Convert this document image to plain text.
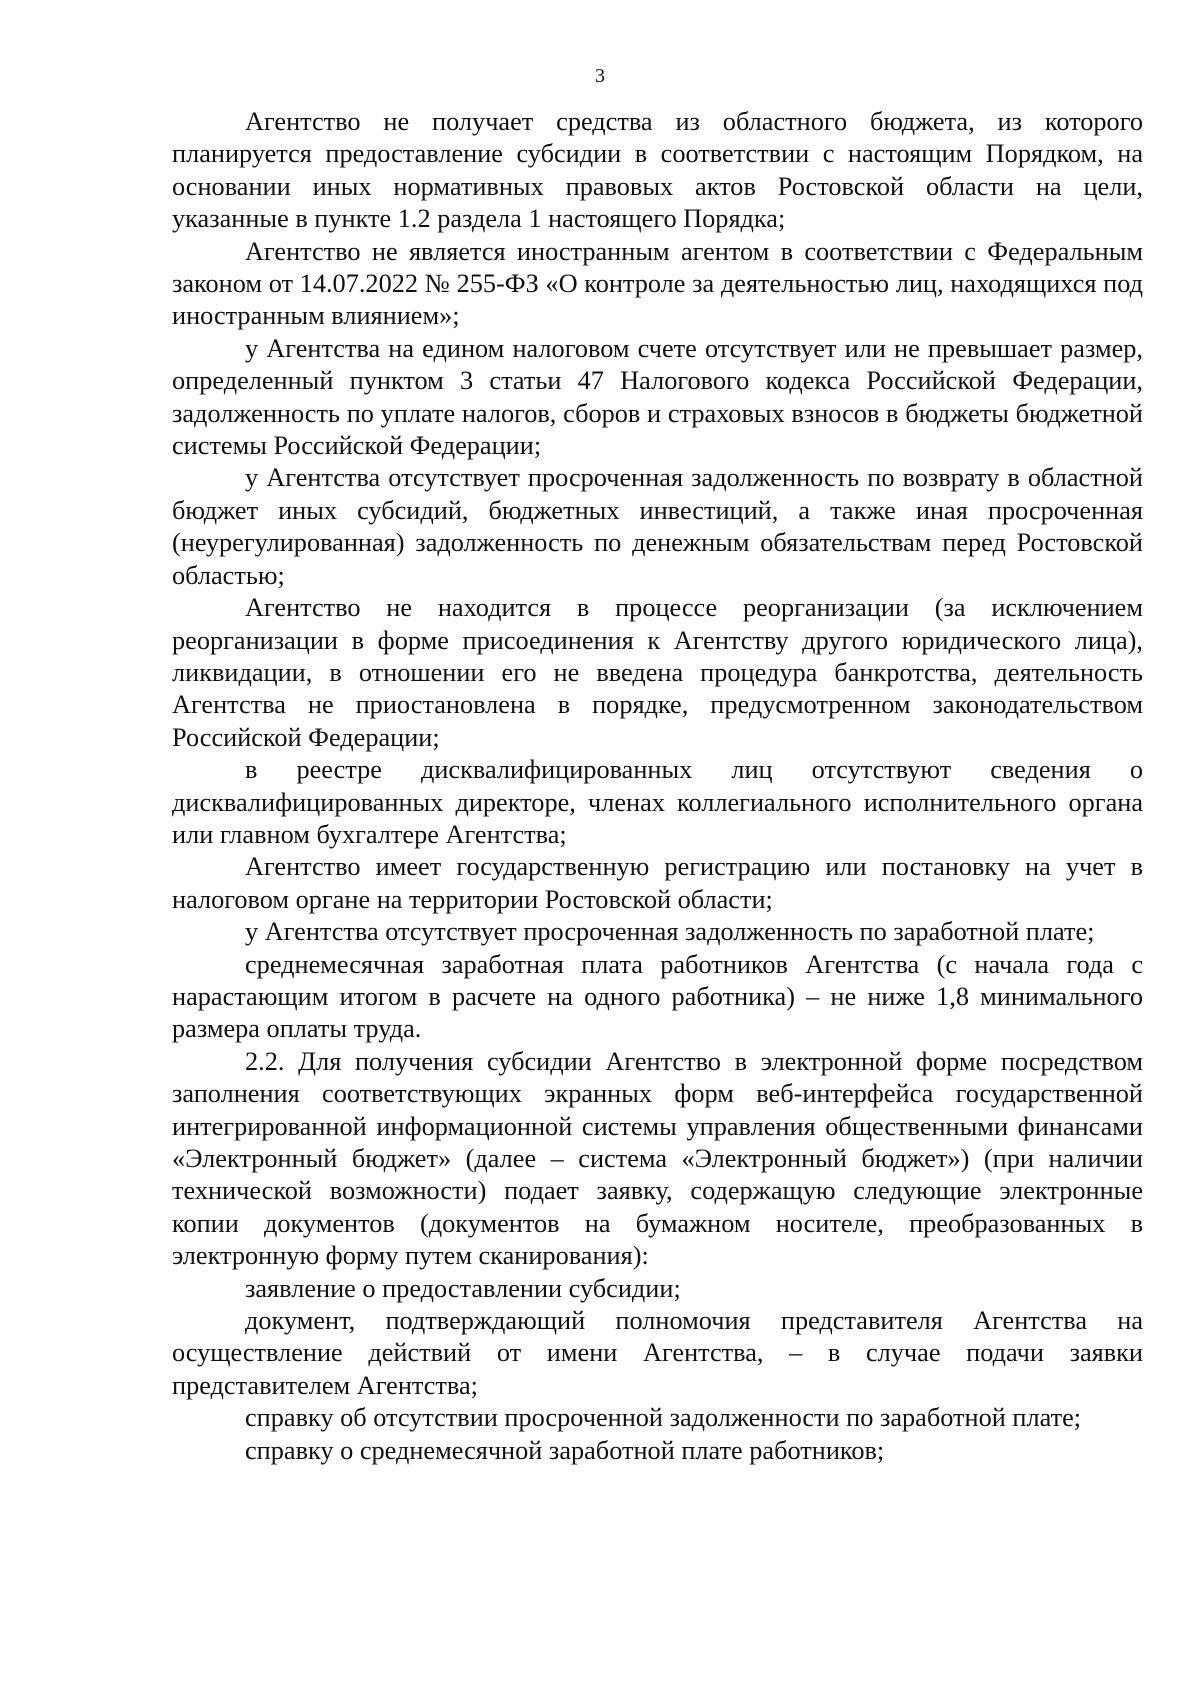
3

Агентство не получает средства из областного бюджета, из которого планируется предоставление субсидии в соответствии с настоящим Порядком, на основании иных нормативных правовых актов Ростовской области на цели, указанные в пункте 1.2 раздела 1 настоящего Порядка;

Агентство не является иностранным агентом в соответствии с Федеральным законом от 14.07.2022 № 255-ФЗ «О контроле за деятельностью лиц, находящихся под иностранным влиянием»;

у Агентства на едином налоговом счете отсутствует или не превышает размер, определенный пунктом 3 статьи 47 Налогового кодекса Российской Федерации, задолженность по уплате налогов, сборов и страховых взносов в бюджеты бюджетной системы Российской Федерации;

у Агентства отсутствует просроченная задолженность по возврату в областной бюджет иных субсидий, бюджетных инвестиций, а также иная просроченная (неурегулированная) задолженность по денежным обязательствам перед Ростовской областью;

Агентство не находится в процессе реорганизации (за исключением реорганизации в форме присоединения к Агентству другого юридического лица), ликвидации, в отношении его не введена процедура банкротства, деятельность Агентства не приостановлена в порядке, предусмотренном законодательством Российской Федерации;

в реестре дисквалифицированных лиц отсутствуют сведения о дисквалифицированных директоре, членах коллегиального исполнительного органа или главном бухгалтере Агентства;

Агентство имеет государственную регистрацию или постановку на учет в налоговом органе на территории Ростовской области;

у Агентства отсутствует просроченная задолженность по заработной плате;

среднемесячная заработная плата работников Агентства (с начала года с нарастающим итогом в расчете на одного работника) – не ниже 1,8 минимального размера оплаты труда.

2.2. Для получения субсидии Агентство в электронной форме посредством заполнения соответствующих экранных форм веб-интерфейса государственной интегрированной информационной системы управления общественными финансами «Электронный бюджет» (далее – система «Электронный бюджет») (при наличии технической возможности) подает заявку, содержащую следующие электронные копии документов (документов на бумажном носителе, преобразованных в электронную форму путем сканирования):

заявление о предоставлении субсидии;

документ, подтверждающий полномочия представителя Агентства на осуществление действий от имени Агентства, – в случае подачи заявки представителем Агентства;

справку об отсутствии просроченной задолженности по заработной плате;

справку о среднемесячной заработной плате работников;
